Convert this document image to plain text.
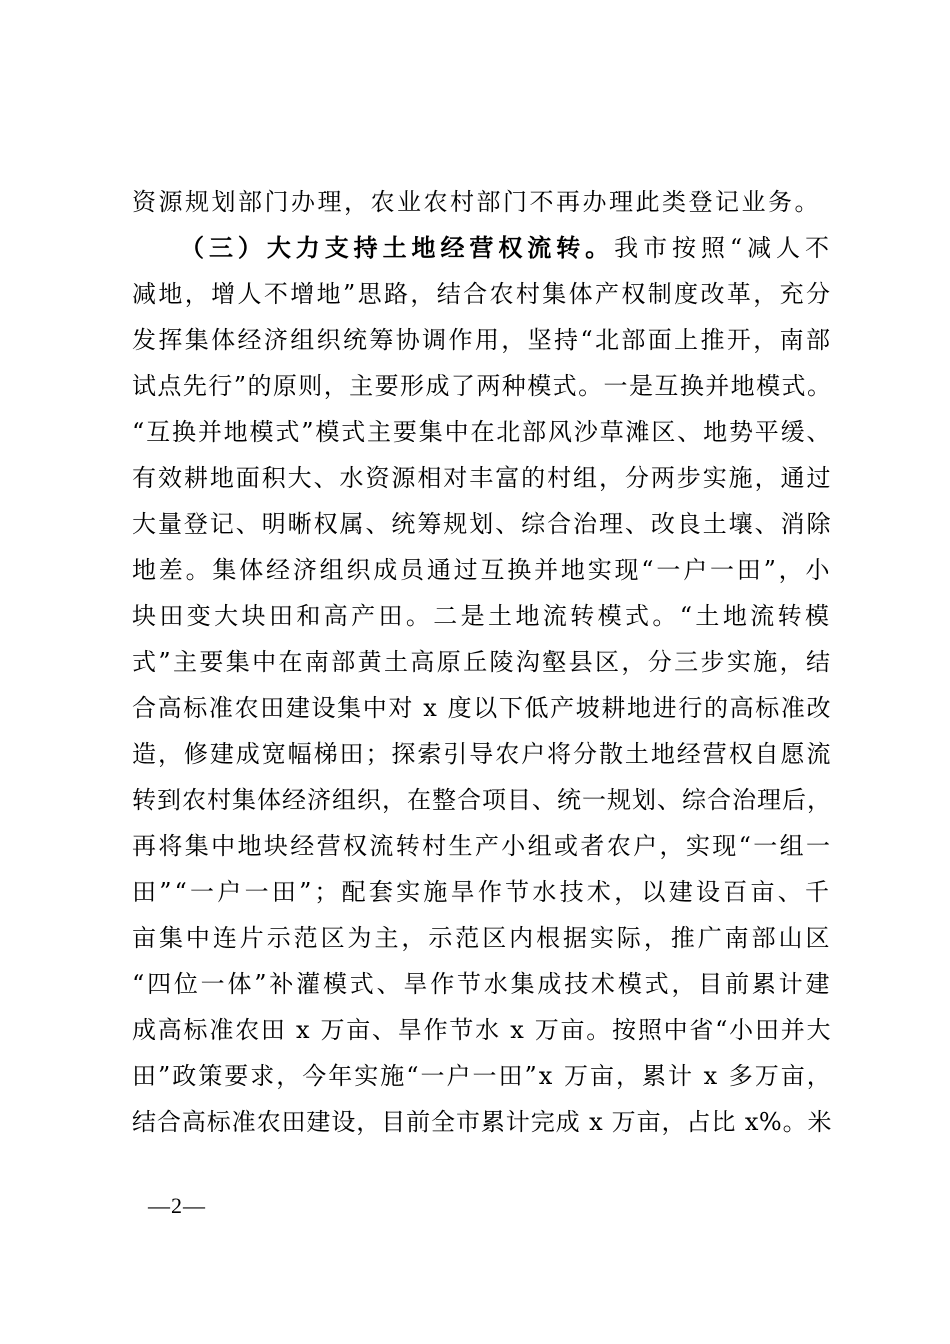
资源规划部门办理，农业农村部门不再办理此类登记业务。
（三）大力支持土地经营权流转。我市按照“减人不
减地，增人不增地”思路，结合农村集体产权制度改革，充分
发挥集体经济组织统筹协调作用，坚持“北部面上推开，南部
试点先行”的原则，主要形成了两种模式。一是互换并地模式。
“互换并地模式”模式主要集中在北部风沙草滩区、地势平缓、
有效耕地面积大、水资源相对丰富的村组，分两步实施，通过
大量登记、明晰权属、统筹规划、综合治理、改良土壤、消除
地差。集体经济组织成员通过互换并地实现“一户一田”，小
块田变大块田和高产田。二是土地流转模式。“土地流转模
式”主要集中在南部黄土高原丘陵沟壑县区，分三步实施，结
合高标准农田建设集中对 x 度以下低产坡耕地进行的高标准改
造，修建成宽幅梯田；探索引导农户将分散土地经营权自愿流
转到农村集体经济组织，在整合项目、统一规划、综合治理后，
再将集中地块经营权流转村生产小组或者农户，实现“一组一
田”“一户一田”；配套实施旱作节水技术，以建设百亩、千
亩集中连片示范区为主，示范区内根据实际，推广南部山区
“四位一体”补灌模式、旱作节水集成技术模式，目前累计建
成高标准农田 x 万亩、旱作节水 x 万亩。按照中省“小田并大
田”政策要求，今年实施“一户一田”x 万亩，累计 x 多万亩，
结合高标准农田建设，目前全市累计完成 x 万亩，占比 x%。米
—2—
